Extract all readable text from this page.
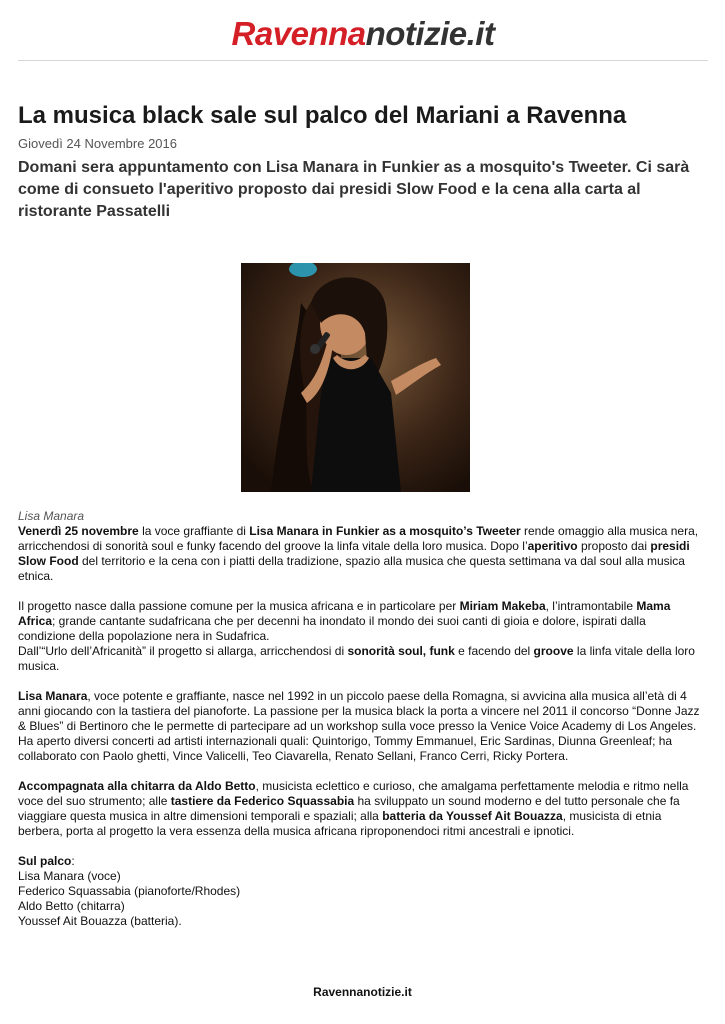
Ravennanotizie.it
La musica black sale sul palco del Mariani a Ravenna
Giovedì 24 Novembre 2016
Domani sera appuntamento con Lisa Manara in Funkier as a mosquito's Tweeter. Ci sarà come di consueto l'aperitivo proposto dai presidi Slow Food e la cena alla carta al ristorante Passatelli
Lisa Manara

Venerdì 25 novembre la voce graffiante di Lisa Manara in Funkier as a mosquito’s Tweeter rende omaggio alla musica nera, arricchendosi di sonorità soul e funky facendo del groove la linfa vitale della loro musica. Dopo l’aperitivo proposto dai presidi Slow Food del territorio e la cena con i piatti della tradizione, spazio alla musica che questa settimana va dal soul alla musica etnica.

Il progetto nasce dalla passione comune per la musica africana e in particolare per Miriam Makeba, l’intramontabile Mama Africa; grande cantante sudafricana che per decenni ha inondato il mondo dei suoi canti di gioia e dolore, ispirati dalla condizione della popolazione nera in Sudafrica.
Dall’“Urlo dell’Africanità” il progetto si allarga, arricchendosi di sonorità soul, funk e facendo del groove la linfa vitale della loro musica.

Lisa Manara, voce potente e graffiante, nasce nel 1992 in un piccolo paese della Romagna, si avvicina alla musica all’età di 4 anni giocando con la tastiera del pianoforte. La passione per la musica black la porta a vincere nel 2011 il concorso “Donne Jazz & Blues” di Bertinoro che le permette di partecipare ad un workshop sulla voce presso la Venice Voice Academy di Los Angeles. Ha aperto diversi concerti ad artisti internazionali quali: Quintorigo, Tommy Emmanuel, Eric Sardinas, Diunna Greenleaf; ha collaborato con Paolo ghetti, Vince Valicelli, Teo Ciavarella, Renato Sellani, Franco Cerri, Ricky Portera.

Accompagnata alla chitarra da Aldo Betto, musicista eclettico e curioso, che amalgama perfettamente melodia e ritmo nella voce del suo strumento; alle tastiere da Federico Squassabia ha sviluppato un sound moderno e del tutto personale che fa viaggiare questa musica in altre dimensioni temporali e spaziali; alla batteria da Youssef Ait Bouazza, musicista di etnia berbera, porta al progetto la vera essenza della musica africana riproponendoci ritmi ancestrali e ipnotici.

Sul palco:
Lisa Manara (voce)
Federico Squassabia (pianoforte/Rhodes)
Aldo Betto (chitarra)
Youssef Ait Bouazza (batteria).

Ravennanotizie.it
